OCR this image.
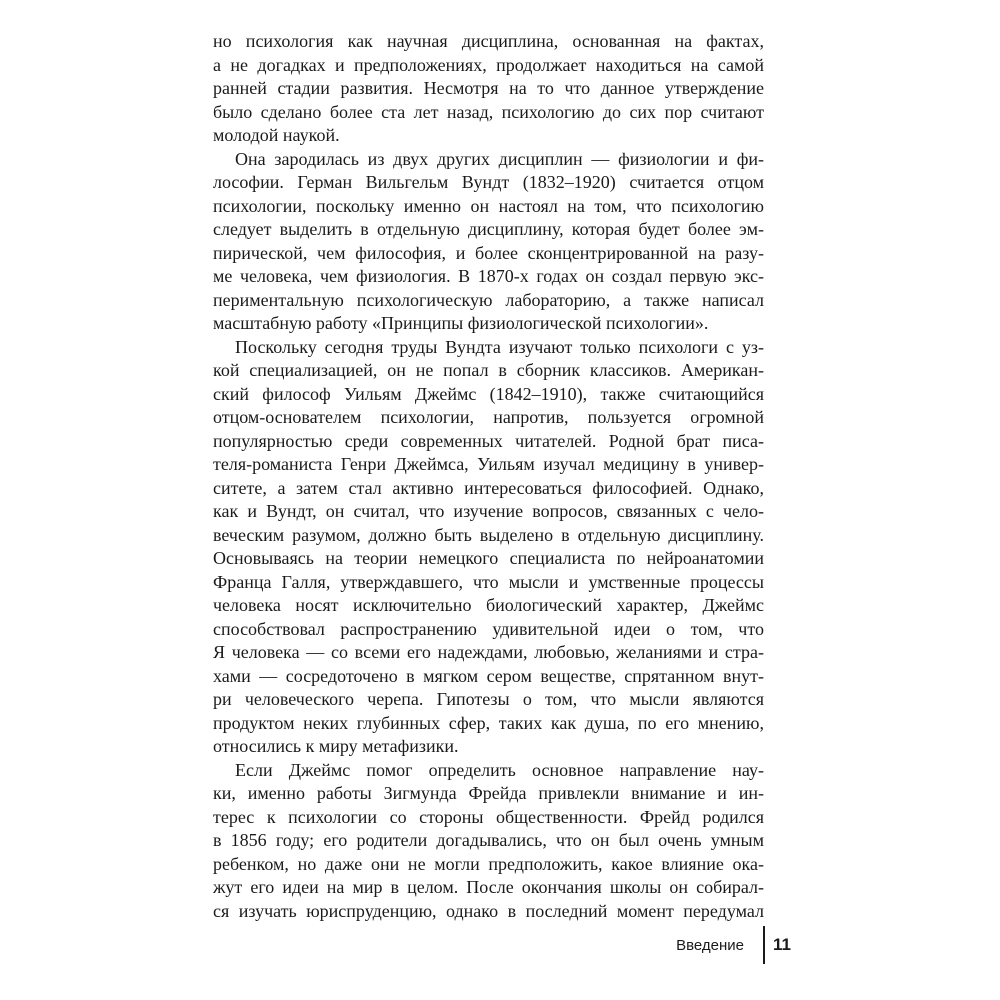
но психология как научная дисциплина, основанная на фактах,
а не догадках и предположениях, продолжает находиться на самой
ранней стадии развития. Несмотря на то что данное утверждение
было сделано более ста лет назад, психологию до сих пор считают
молодой наукой.
Она зародилась из двух других дисциплин — физиологии и фи-
лософии. Герман Вильгельм Вундт (1832–1920) считается отцом
психологии, поскольку именно он настоял на том, что психологию
следует выделить в отдельную дисциплину, которая будет более эм-
пирической, чем философия, и более сконцентрированной на разу-
ме человека, чем физиология. В 1870-х годах он создал первую экс-
периментальную психологическую лабораторию, а также написал
масштабную работу «Принципы физиологической психологии».
Поскольку сегодня труды Вундта изучают только психологи с уз-
кой специализацией, он не попал в сборник классиков. Американ-
ский философ Уильям Джеймс (1842–1910), также считающийся
отцом-основателем психологии, напротив, пользуется огромной
популярностью среди современных читателей. Родной брат писа-
теля-романиста Генри Джеймса, Уильям изучал медицину в универ-
ситете, а затем стал активно интересоваться философией. Однако,
как и Вундт, он считал, что изучение вопросов, связанных с чело-
веческим разумом, должно быть выделено в отдельную дисциплину.
Основываясь на теории немецкого специалиста по нейроанатомии
Франца Галля, утверждавшего, что мысли и умственные процессы
человека носят исключительно биологический характер, Джеймс
способствовал распространению удивительной идеи о том, что
Я человека — со всеми его надеждами, любовью, желаниями и стра-
хами — сосредоточено в мягком сером веществе, спрятанном внут-
ри человеческого черепа. Гипотезы о том, что мысли являются
продуктом неких глубинных сфер, таких как душа, по его мнению,
относились к миру метафизики.
Если Джеймс помог определить основное направление нау-
ки, именно работы Зигмунда Фрейда привлекли внимание и ин-
терес к психологии со стороны общественности. Фрейд родился
в 1856 году; его родители догадывались, что он был очень умным
ребенком, но даже они не могли предположить, какое влияние ока-
жут его идеи на мир в целом. После окончания школы он собирал-
ся изучать юриспруденцию, однако в последний момент передумал
Введение 11
